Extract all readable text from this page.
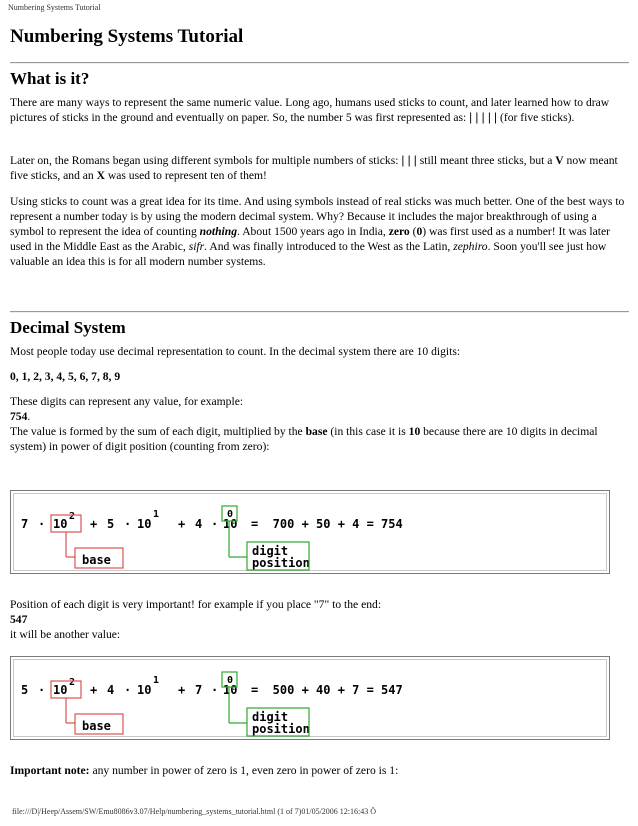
Numbering Systems Tutorial
Numbering Systems Tutorial
What is it?

There are many ways to represent the same numeric value. Long ago, humans used sticks to count, and later learned how to draw pictures of sticks in the ground and eventually on paper. So, the number 5 was first represented as: | | | | | (for five sticks).

Later on, the Romans began using different symbols for multiple numbers of sticks: | | | still meant three sticks, but a V now meant five sticks, and an X was used to represent ten of them!

Using sticks to count was a great idea for its time. And using symbols instead of real sticks was much better. One of the best ways to represent a number today is by using the modern decimal system. Why? Because it includes the major breakthrough of using a symbol to represent the idea of counting nothing. About 1500 years ago in India, zero (0) was first used as a number! It was later used in the Middle East as the Arabic, sifr. And was finally introduced to the West as the Latin, zephiro. Soon you'll see just how valuable an idea this is for all modern number systems.

Decimal System

Most people today use decimal representation to count. In the decimal system there are 10 digits:

0, 1, 2, 3, 4, 5, 6, 7, 8, 9

These digits can represent any value, for example:

754.

The value is formed by the sum of each digit, multiplied by the base (in this case it is 10 because there are 10 digits in decimal system) in power of digit position (counting from zero):

7 · 10
2
+ 5 · 10
1
+ 4 · 10
0
=  700 + 50 + 4 = 754
digit
position
base

Position of each digit is very important! for example if you place "7" to the end:

547

it will be another value:

5 · 10
2
+ 4 · 10
1
+ 7 · 10
0
=  500 + 40 + 7 = 547
digit
position
base

Important note: any number in power of zero is 1, even zero in power of zero is 1:

file:///D|/Heep/Assem/SW/Emu8086v3.07/Help/numbering_systems_tutorial.html (1 of 7)01/05/2006 12:16:43 Ö
